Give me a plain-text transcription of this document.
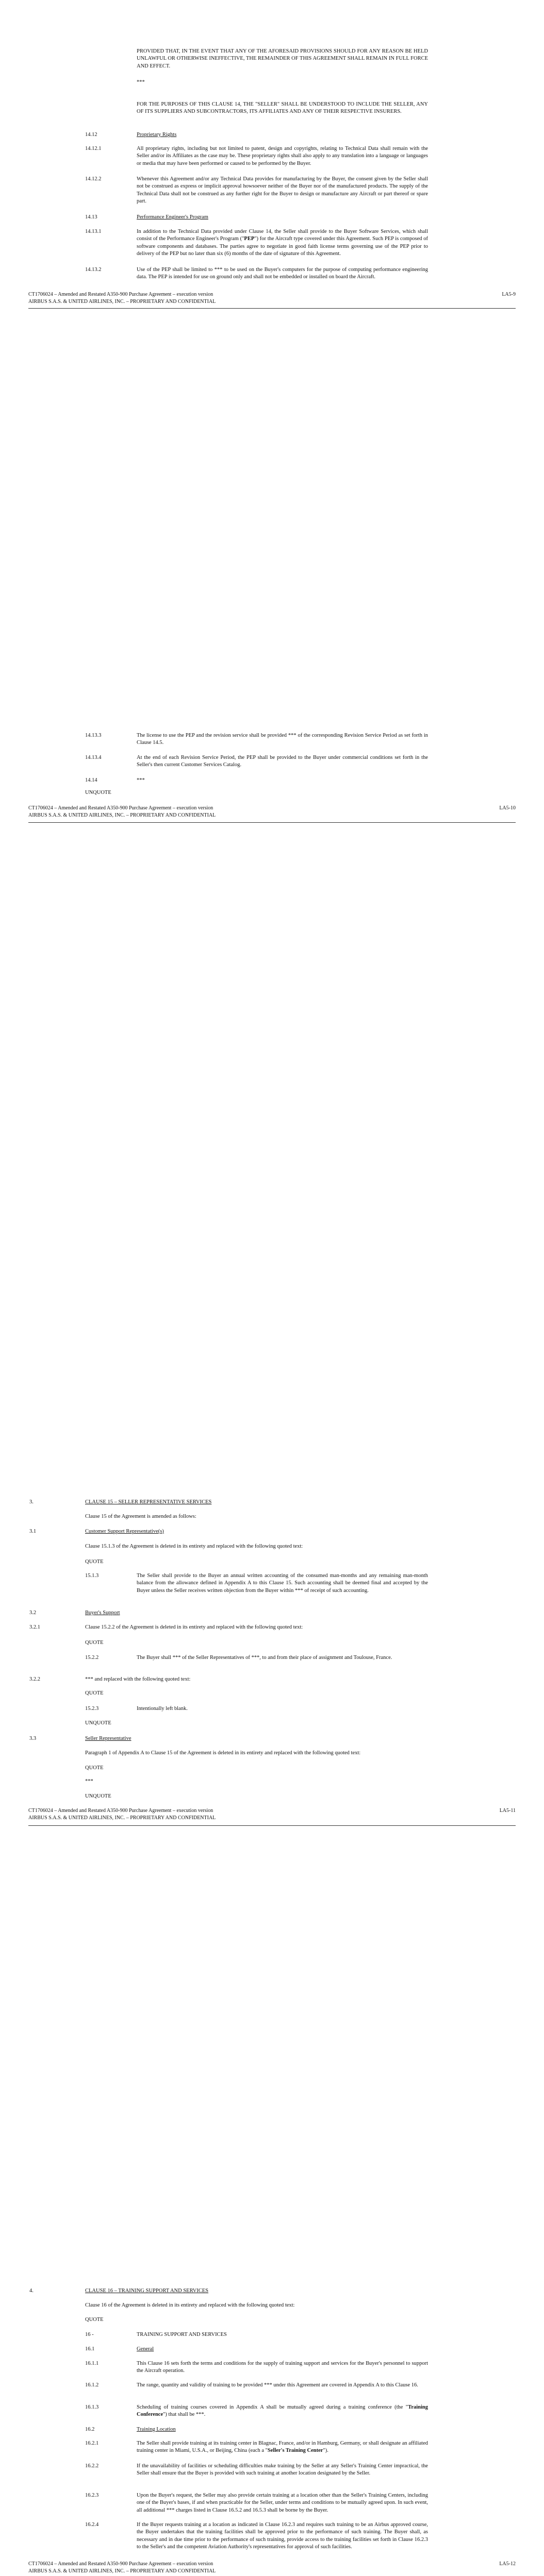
PROVIDED THAT, IN THE EVENT THAT ANY OF THE AFORESAID PROVISIONS SHOULD FOR ANY REASON BE HELD UNLAWFUL OR OTHERWISE INEFFECTIVE, THE REMAINDER OF THIS AGREEMENT SHALL REMAIN IN FULL FORCE AND EFFECT.
***
FOR THE PURPOSES OF THIS CLAUSE 14, THE "SELLER" SHALL BE UNDERSTOOD TO INCLUDE THE SELLER, ANY OF ITS SUPPLIERS AND SUBCONTRACTORS, ITS AFFILIATES AND ANY OF THEIR RESPECTIVE INSURERS.
14.12	Proprietary Rights
14.12.1	All proprietary rights, including but not limited to patent, design and copyrights, relating to Technical Data shall remain with the Seller and/or its Affiliates as the case may be. These proprietary rights shall also apply to any translation into a language or languages or media that may have been performed or caused to be performed by the Buyer.
14.12.2	Whenever this Agreement and/or any Technical Data provides for manufacturing by the Buyer, the consent given by the Seller shall not be construed as express or implicit approval howsoever neither of the Buyer nor of the manufactured products. The supply of the Technical Data shall not be construed as any further right for the Buyer to design or manufacture any Aircraft or part thereof or spare part.
14.13	Performance Engineer's Program
14.13.1	In addition to the Technical Data provided under Clause 14, the Seller shall provide to the Buyer Software Services, which shall consist of the Performance Engineer's Program ("PEP") for the Aircraft type covered under this Agreement. Such PEP is composed of software components and databases. The parties agree to negotiate in good faith license terms governing use of the PEP prior to delivery of the PEP but no later than six (6) months of the date of signature of this Agreement.
14.13.2	Use of the PEP shall be limited to *** to be used on the Buyer's computers for the purpose of computing performance engineering data. The PEP is intended for use on ground only and shall not be embedded or installed on board the Aircraft.
CT1706024 – Amended and Restated A350-900 Purchase Agreement – execution version
AIRBUS S.A.S. & UNITED AIRLINES, INC. – PROPRIETARY AND CONFIDENTIAL
LA5-9
14.13.3	The license to use the PEP and the revision service shall be provided *** of the corresponding Revision Service Period as set forth in Clause 14.5.
14.13.4	At the end of each Revision Service Period, the PEP shall be provided to the Buyer under commercial conditions set forth in the Seller's then current Customer Services Catalog.
14.14	***
UNQUOTE
CT1706024 – Amended and Restated A350-900 Purchase Agreement – execution version
AIRBUS S.A.S. & UNITED AIRLINES, INC. – PROPRIETARY AND CONFIDENTIAL
LA5-10
3.	CLAUSE 15 – SELLER REPRESENTATIVE SERVICES
Clause 15 of the Agreement is amended as follows:
3.1	Customer Support Representative(s)
Clause 15.1.3 of the Agreement is deleted in its entirety and replaced with the following quoted text:
QUOTE
15.1.3	The Seller shall provide to the Buyer an annual written accounting of the consumed man-months and any remaining man-month balance from the allowance defined in Appendix A to this Clause 15. Such accounting shall be deemed final and accepted by the Buyer unless the Seller receives written objection from the Buyer within *** of receipt of such accounting.
3.2	Buyer's Support
3.2.1	Clause 15.2.2 of the Agreement is deleted in its entirety and replaced with the following quoted text:
QUOTE
15.2.2	The Buyer shall *** of the Seller Representatives of ***, to and from their place of assignment and Toulouse, France.
3.2.2	*** and replaced with the following quoted text:
QUOTE
15.2.3	Intentionally left blank.
UNQUOTE
3.3	Seller Representative
Paragraph 1 of Appendix A to Clause 15 of the Agreement is deleted in its entirety and replaced with the following quoted text:
QUOTE
***
UNQUOTE
CT1706024 – Amended and Restated A350-900 Purchase Agreement – execution version
AIRBUS S.A.S. & UNITED AIRLINES, INC. – PROPRIETARY AND CONFIDENTIAL
LA5-11
4.	CLAUSE 16 – TRAINING SUPPORT AND SERVICES
Clause 16 of the Agreement is deleted in its entirety and replaced with the following quoted text:
QUOTE
16 -	TRAINING SUPPORT AND SERVICES
16.1	General
16.1.1	This Clause 16 sets forth the terms and conditions for the supply of training support and services for the Buyer's personnel to support the Aircraft operation.
16.1.2	The range, quantity and validity of training to be provided *** under this Agreement are covered in Appendix A to this Clause 16.
16.1.3	Scheduling of training courses covered in Appendix A shall be mutually agreed during a training conference (the "Training Conference") that shall be ***.
16.2	Training Location
16.2.1	The Seller shall provide training at its training center in Blagnac, France, and/or in Hamburg, Germany, or shall designate an affiliated training center in Miami, U.S.A., or Beijing, China (each a "Seller's Training Center").
16.2.2	If the unavailability of facilities or scheduling difficulties make training by the Seller at any Seller's Training Center impractical, the Seller shall ensure that the Buyer is provided with such training at another location designated by the Seller.
16.2.3	Upon the Buyer's request, the Seller may also provide certain training at a location other than the Seller's Training Centers, including one of the Buyer's bases, if and when practicable for the Seller, under terms and conditions to be mutually agreed upon. In such event, all additional *** charges listed in Clause 16.5.2 and 16.5.3 shall be borne by the Buyer.
16.2.4	If the Buyer requests training at a location as indicated in Clause 16.2.3 and requires such training to be an Airbus approved course, the Buyer undertakes that the training facilities shall be approved prior to the performance of such training. The Buyer shall, as necessary and in due time prior to the performance of such training, provide access to the training facilities set forth in Clause 16.2.3 to the Seller's and the competent Aviation Authority's representatives for approval of such facilities.
CT1706024 – Amended and Restated A350-900 Purchase Agreement – execution version
AIRBUS S.A.S. & UNITED AIRLINES, INC. – PROPRIETARY AND CONFIDENTIAL
LA5-12
